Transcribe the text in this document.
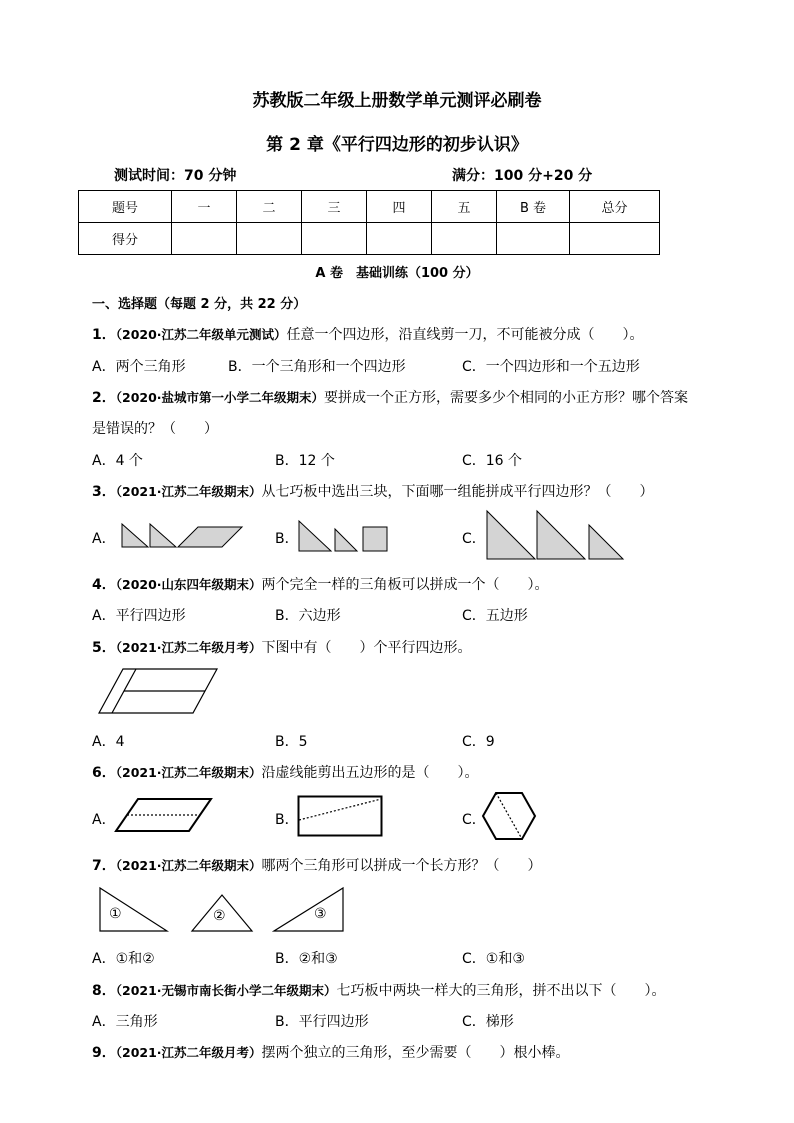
苏教版二年级上册数学单元测评必刷卷
第 2 章《平行四边形的初步认识》
测试时间：70 分钟	满分：100 分+20 分
题号	一	二	三	四	五	B 卷	总分
得分							
A 卷　基础训练（100 分）
一、选择题（每题 2 分，共 22 分）
1．（2020·江苏二年级单元测试）任意一个四边形，沿直线剪一刀，不可能被分成（　　）。
A．两个三角形	B．一个三角形和一个四边形	C．一个四边形和一个五边形
2．（2020·盐城市第一小学二年级期末）要拼成一个正方形，需要多少个相同的小正方形？哪个答案
是错误的？（　　）
A．4 个	B．12 个	C．16 个
3．（2021·江苏二年级期末）从七巧板中选出三块，下面哪一组能拼成平行四边形？（　　）
A．	B．	C．
4．（2020·山东四年级期末）两个完全一样的三角板可以拼成一个（　　）。
A．平行四边形	B．六边形	C．五边形
5．（2021·江苏二年级月考）下图中有（　　）个平行四边形。
A．4	B．5	C．9
6．（2021·江苏二年级期末）沿虚线能剪出五边形的是（　　）。
A．	B．	C．
7．（2021·江苏二年级期末）哪两个三角形可以拼成一个长方形？（　　）
①	②	③
A．①和②	B．②和③	C．①和③
8．（2021·无锡市南长街小学二年级期末）七巧板中两块一样大的三角形，拼不出以下（　　）。
A．三角形	B．平行四边形	C．梯形
9．（2021·江苏二年级月考）摆两个独立的三角形，至少需要（　　）根小棒。
